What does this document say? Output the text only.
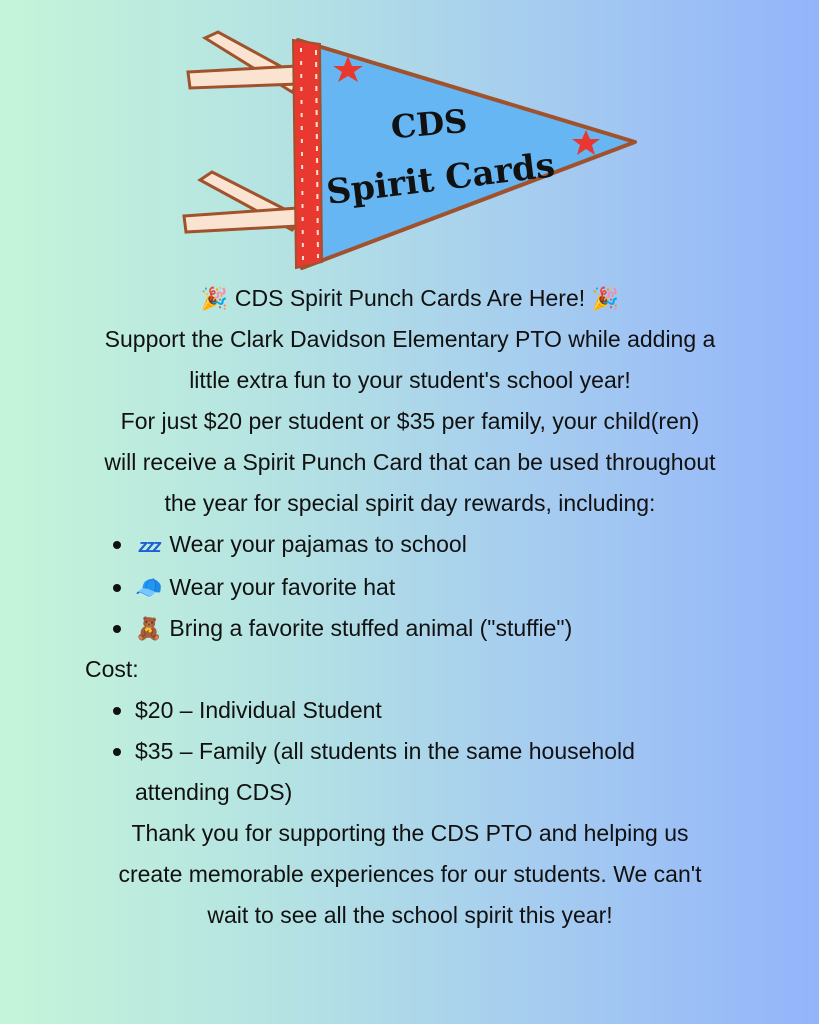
CDS
Spirit Cards
🎉 CDS Spirit Punch Cards Are Here! 🎉
Support the Clark Davidson Elementary PTO while adding a
little extra fun to your student's school year!
For just $20 per student or $35 per family, your child(ren)
will receive a Spirit Punch Card that can be used throughout
the year for special spirit day rewards, including:
zzz Wear your pajamas to school
🧢 Wear your favorite hat
🧸 Bring a favorite stuffed animal ("stuffie")
Cost:
$20 – Individual Student
$35 – Family (all students in the same household attending CDS)
Thank you for supporting the CDS PTO and helping us
create memorable experiences for our students. We can't
wait to see all the school spirit this year!
